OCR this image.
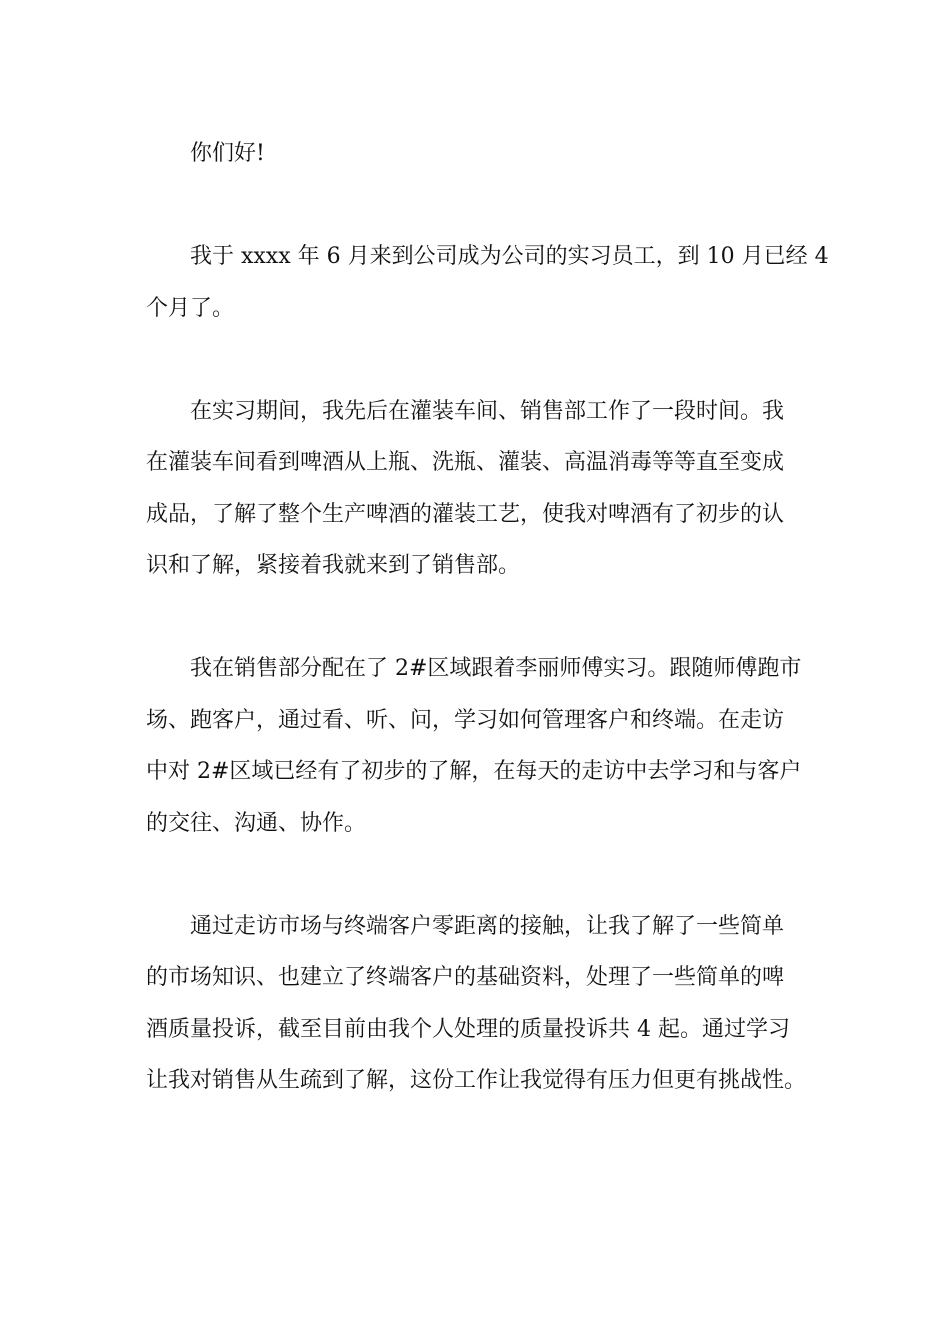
你们好!

我于 xxxx 年 6 月来到公司成为公司的实习员工，到 10 月已经 4
个月了。

在实习期间，我先后在灌装车间、销售部工作了一段时间。我
在灌装车间看到啤酒从上瓶、洗瓶、灌装、高温消毒等等直至变成
成品，了解了整个生产啤酒的灌装工艺，使我对啤酒有了初步的认
识和了解，紧接着我就来到了销售部。

我在销售部分配在了 2#区域跟着李丽师傅实习。跟随师傅跑市
场、跑客户，通过看、听、问，学习如何管理客户和终端。在走访
中对 2#区域已经有了初步的了解，在每天的走访中去学习和与客户
的交往、沟通、协作。

通过走访市场与终端客户零距离的接触，让我了解了一些简单
的市场知识、也建立了终端客户的基础资料，处理了一些简单的啤
酒质量投诉，截至目前由我个人处理的质量投诉共 4 起。通过学习
让我对销售从生疏到了解，这份工作让我觉得有压力但更有挑战性。
